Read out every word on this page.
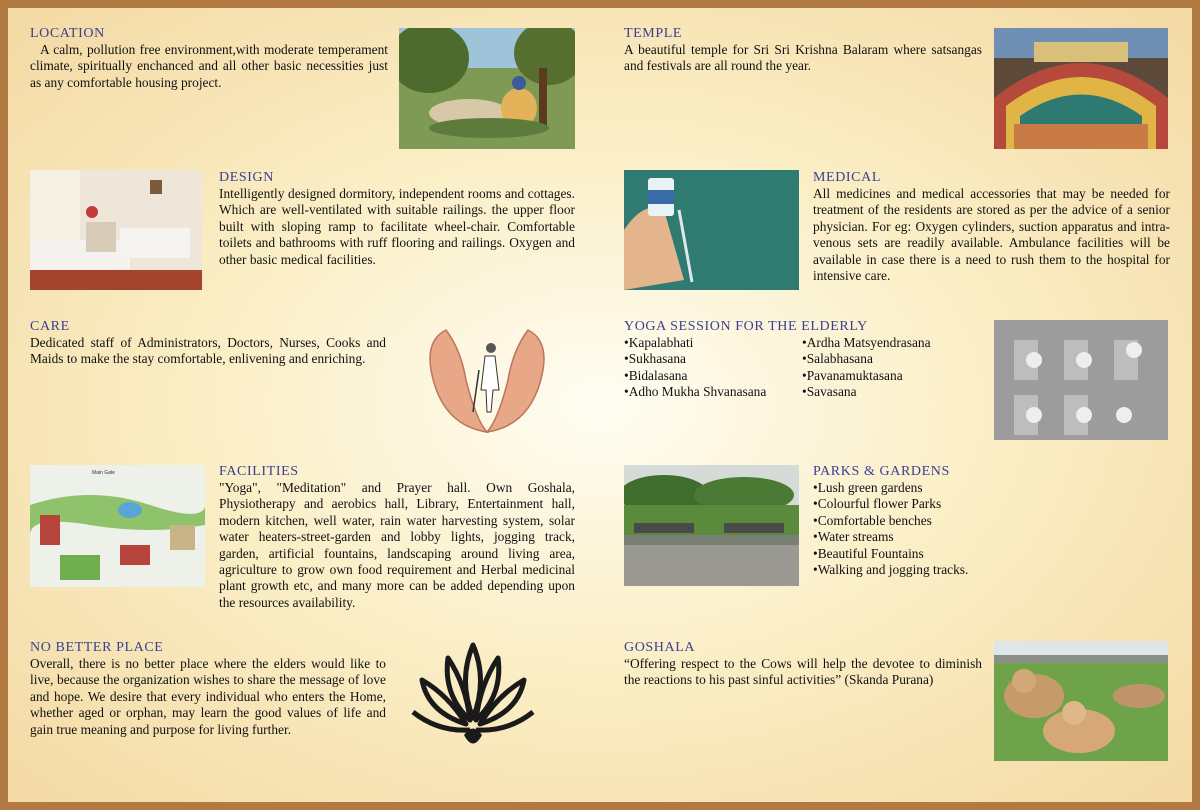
LOCATION
A calm, pollution free environment,with moderate temperament climate, spiritually enchanced and all other basic necessities just as any comfortable housing project.
TEMPLE
A beautiful temple for Sri Sri Krishna Balaram where satsangas and festivals are all round the year.
DESIGN
Intelligently designed dormitory, independent rooms and cottages. Which are well-ventilated with suitable railings. the upper floor built with sloping ramp to facilitate wheel-chair. Comfortable toilets and bathrooms with ruff flooring and railings. Oxygen and other basic medical facilities.
MEDICAL
All medicines and medical accessories that may be needed for treatment of the residents are stored as per the advice of a senior physician. For eg: Oxygen cylinders, suction apparatus and intra-venous sets are readily available. Ambulance facilities will be available in case there is a need to rush them to the hospital for intensive care.
CARE
Dedicated staff of Administrators, Doctors, Nurses, Cooks and Maids to make the stay comfortable, enlivening and enriching.
YOGA SESSION FOR THE ELDERLY
• Kapalabhati
• Sukhasana
• Bidalasana
• Adho Mukha Shvanasana
• Ardha Matsyendrasana
• Salabhasana
• Pavanamuktasana
• Savasana
Main Gate	FACILITIES
"Yoga", "Meditation" and Prayer hall. Own Goshala, Physiotherapy and aerobics hall, Library, Entertainment hall, modern kitchen, well water, rain water harvesting system, solar water heaters-street-garden and lobby lights, jogging track, garden, artificial fountains, landscaping around living area, agriculture to grow own food requirement and Herbal medicinal plant growth etc, and many more can be added depending upon the resources availability.
PARKS & GARDENS
• Lush green gardens
• Colourful flower Parks
• Comfortable benches
• Water streams
• Beautiful Fountains
• Walking and jogging tracks.
NO BETTER PLACE
Overall, there is no better place where the elders would like to live, because the organization wishes to share the message of love and hope. We desire that every individual who enters the Home, whether aged or orphan, may learn the good values of life and gain true meaning and purpose for living further.
GOSHALA
“Offering respect to the Cows will help the devotee to diminish the reactions to his past sinful activities” (Skanda Purana)
